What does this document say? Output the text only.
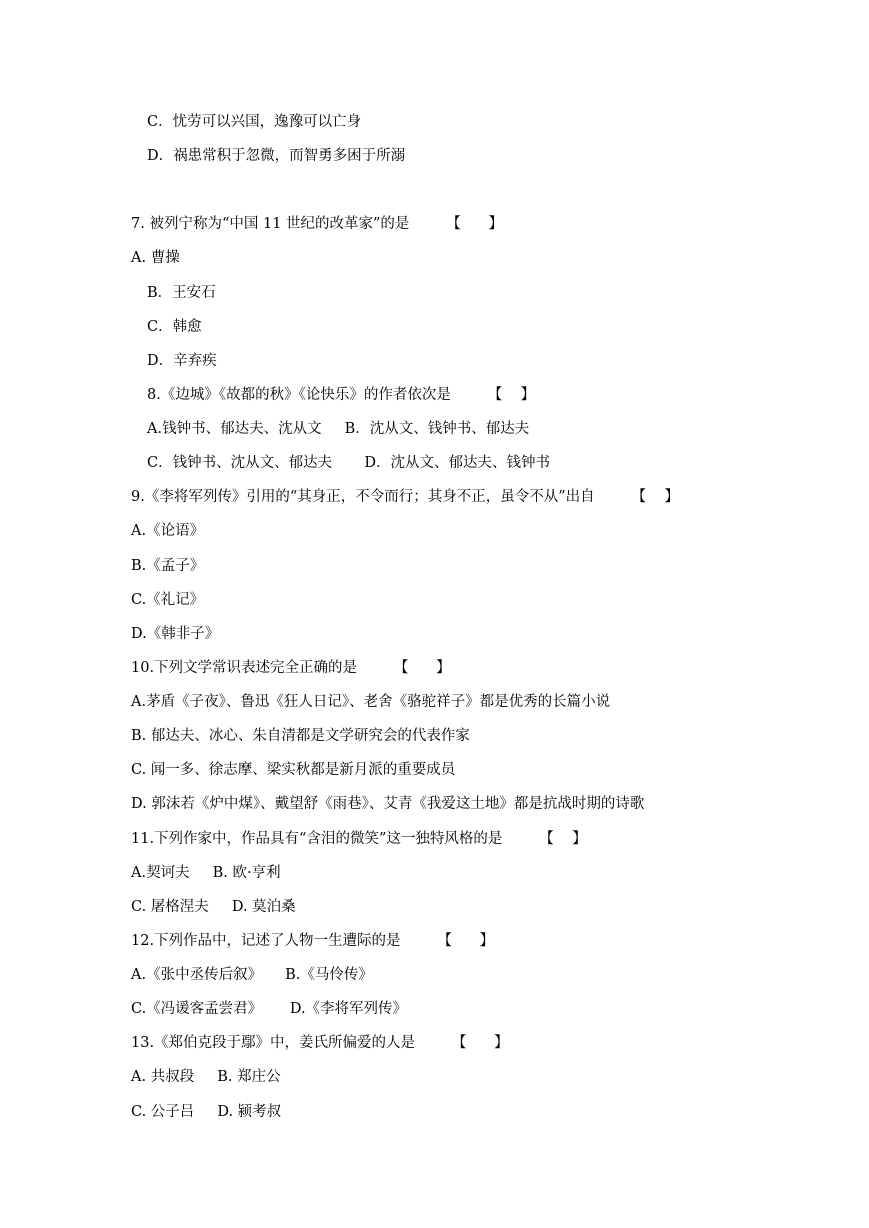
C．忧劳可以兴国，逸豫可以亡身
D．祸患常积于忽微，而智勇多困于所溺
7. 被列宁称为“中国 11 世纪的改革家”的是        【      】
A. 曹操
B．王安石
C．韩愈
D．辛弃疾
8.《边城》《故都的秋》《论快乐》的作者依次是        【    】
A.钱钟书、郁达夫、沈从文     B．沈从文、钱钟书、郁达夫
C．钱钟书、沈从文、郁达夫       D．沈从文、郁达夫、钱钟书
9.《李将军列传》引用的“其身正，不令而行；其身不正，虽令不从”出自        【    】
A.《论语》
B.《孟子》
C.《礼记》
D.《韩非子》
10.下列文学常识表述完全正确的是        【      】
A.茅盾《子夜》、鲁迅《狂人日记》、老舍《骆驼祥子》都是优秀的长篇小说
B. 郁达夫、冰心、朱自清都是文学研究会的代表作家
C. 闻一多、徐志摩、梁实秋都是新月派的重要成员
D. 郭沫若《炉中煤》、戴望舒《雨巷》、艾青《我爱这土地》都是抗战时期的诗歌
11.下列作家中，作品具有“含泪的微笑”这一独特风格的是        【    】
A.契诃夫     B. 欧·亨利
C. 屠格涅夫     D. 莫泊桑
12.下列作品中，记述了人物一生遭际的是        【      】
A.《张中丞传后叙》     B.《马伶传》
C.《冯谖客孟尝君》      D.《李将军列传》
13.《郑伯克段于鄢》中，姜氏所偏爱的人是        【      】
A. 共叔段     B. 郑庄公
C. 公子吕     D. 颍考叔
